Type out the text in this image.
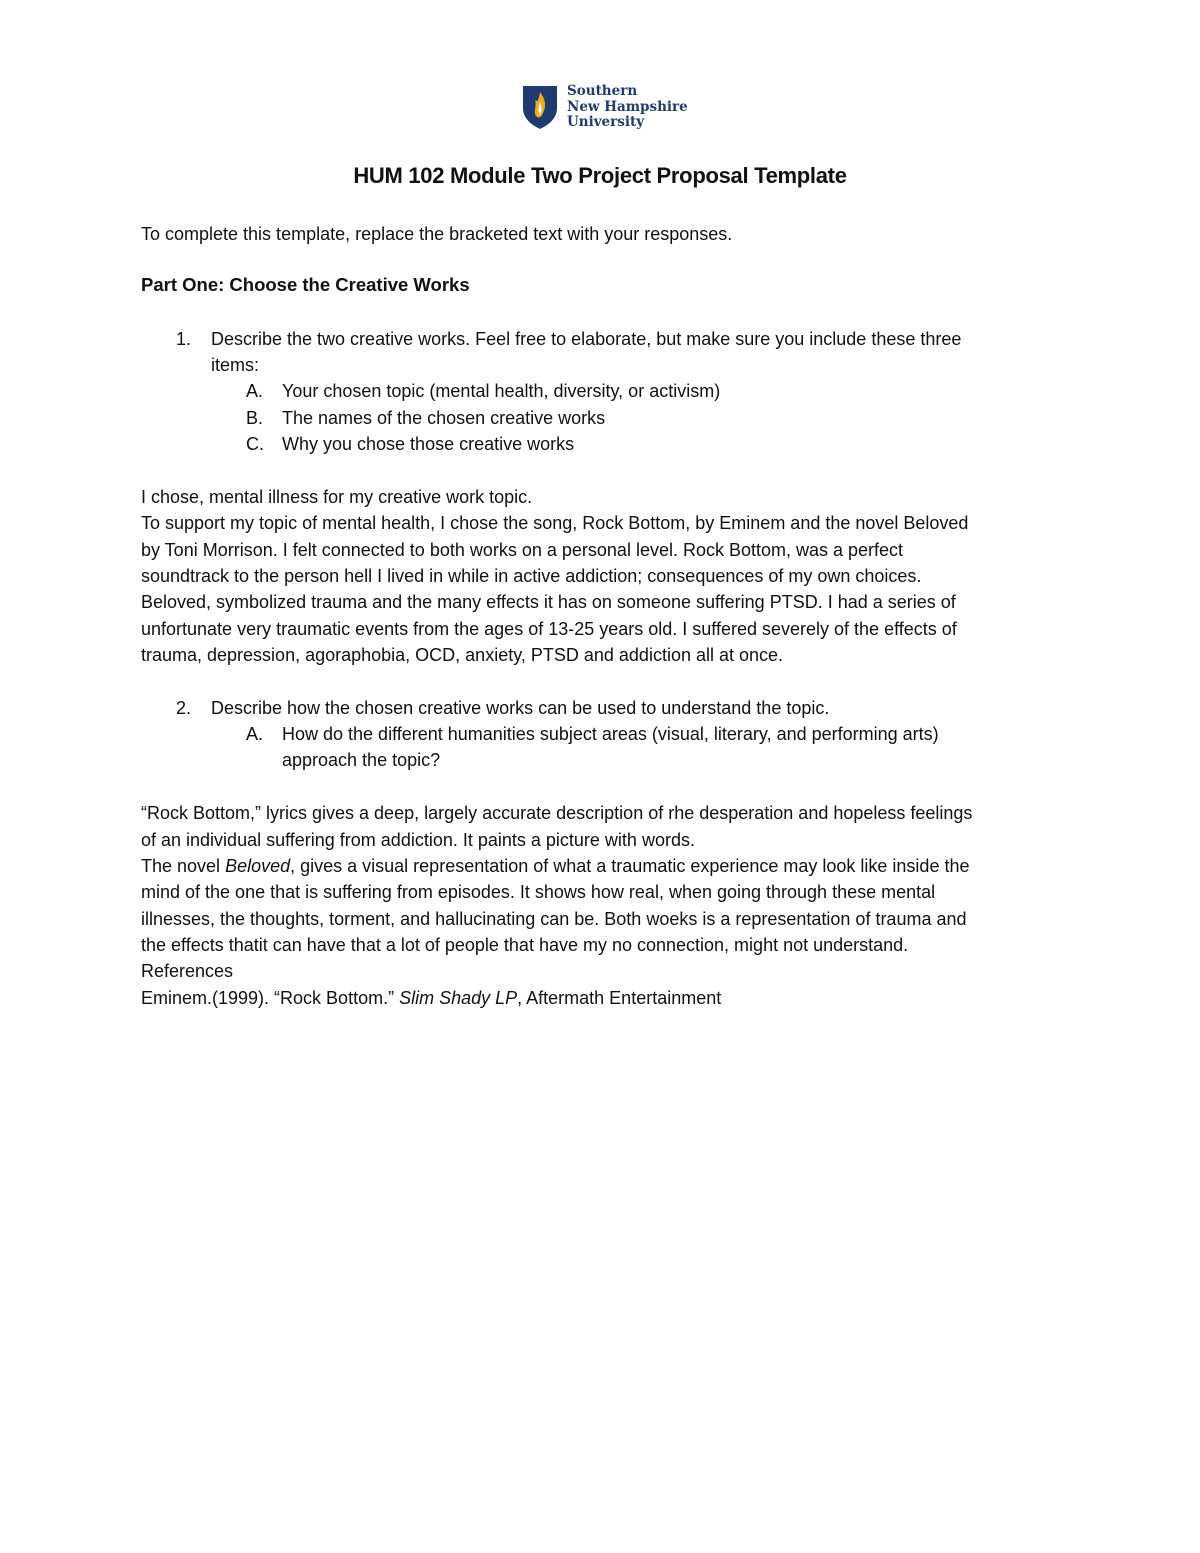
Southern
New Hampshire
University
HUM 102 Module Two Project Proposal Template
To complete this template, replace the bracketed text with your responses.
Part One: Choose the Creative Works
1. Describe the two creative works. Feel free to elaborate, but make sure you include these three
items:
A. Your chosen topic (mental health, diversity, or activism)
B. The names of the chosen creative works
C. Why you chose those creative works
I chose, mental illness for my creative work topic.
To support my topic of mental health, I chose the song, Rock Bottom, by Eminem and the novel Beloved
by Toni Morrison. I felt connected to both works on a personal level. Rock Bottom, was a perfect
soundtrack to the person hell I lived in while in active addiction; consequences of my own choices.
Beloved, symbolized trauma and the many effects it has on someone suffering PTSD. I had a series of
unfortunate very traumatic events from the ages of 13-25 years old. I suffered severely of the effects of
trauma, depression, agoraphobia, OCD, anxiety, PTSD and addiction all at once.
2. Describe how the chosen creative works can be used to understand the topic.
A. How do the different humanities subject areas (visual, literary, and performing arts)
approach the topic?
“Rock Bottom,” lyrics gives a deep, largely accurate description of rhe desperation and hopeless feelings
of an individual suffering from addiction. It paints a picture with words.
The novel Beloved, gives a visual representation of what a traumatic experience may look like inside the
mind of the one that is suffering from episodes. It shows how real, when going through these mental
illnesses, the thoughts, torment, and hallucinating can be. Both woeks is a representation of trauma and
the effects thatit can have that a lot of people that have my no connection, might not understand.
References
Eminem.(1999). “Rock Bottom.” Slim Shady LP, Aftermath Entertainment
